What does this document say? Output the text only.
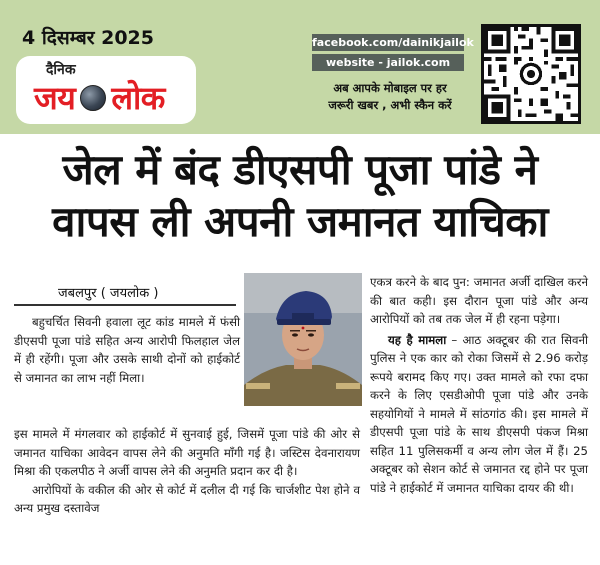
4 दिसम्बर 2025
दैनिक
जय लोक
facebook.com/dainikjailok
website - jailok.com
अब आपके मोबाइल पर हर
जरूरी खबर , अभी स्कैन करें
जेल में बंद डीएसपी पूजा पांडे ने
वापस ली अपनी जमानत याचिका
जबलपुर ( जयलोक )

बहुचर्चित सिवनी हवाला लूट कांड मामले में फंसी डीएसपी पूजा पांडे सहित अन्य आरोपी फिलहाल जेल में ही रहेंगी। पूजा और उसके साथी दोनों को हाईकोर्ट से जमानत का लाभ नहीं मिला।

एकत्र करने के बाद पुन: जमानत अर्जी दाखिल करने की बात कही। इस दौरान पूजा पांडे और अन्य आरोपियों को तब तक जेल में ही रहना पड़ेगा।

यह है मामला – आठ अक्टूबर की रात सिवनी पुलिस ने एक कार को रोका जिसमें से 2.96 करोड़ रूपये बरामद किए गए। उक्त मामले को रफा दफा करने के लिए एसडीओपी पूजा पांडे और उनके सहयोगियों ने मामले में सांठगांठ की। इस मामले में डीएसपी पूजा पांडे के साथ डीएसपी पंकज मिश्रा सहित 11 पुलिसकर्मी व अन्य लोग जेल में हैं। 25 अक्टूबर को सेशन कोर्ट से जमानत रद्द होने पर पूजा पांडे ने हाईकोर्ट में जमानत याचिका दायर की थी।

इस मामले में मंगलवार को हाईकोर्ट में सुनवाई हुई, जिसमें पूजा पांडे की ओर से जमानत याचिका आवेदन वापस लेने की अनुमति माँगी गई है। जस्टिस देवनारायण मिश्रा की एकलपीठ ने अर्जी वापस लेने की अनुमति प्रदान कर दी है।

आरोपियों के वकील की ओर से कोर्ट में दलील दी गई कि चार्जशीट पेश होने व अन्य प्रमुख दस्तावेज
